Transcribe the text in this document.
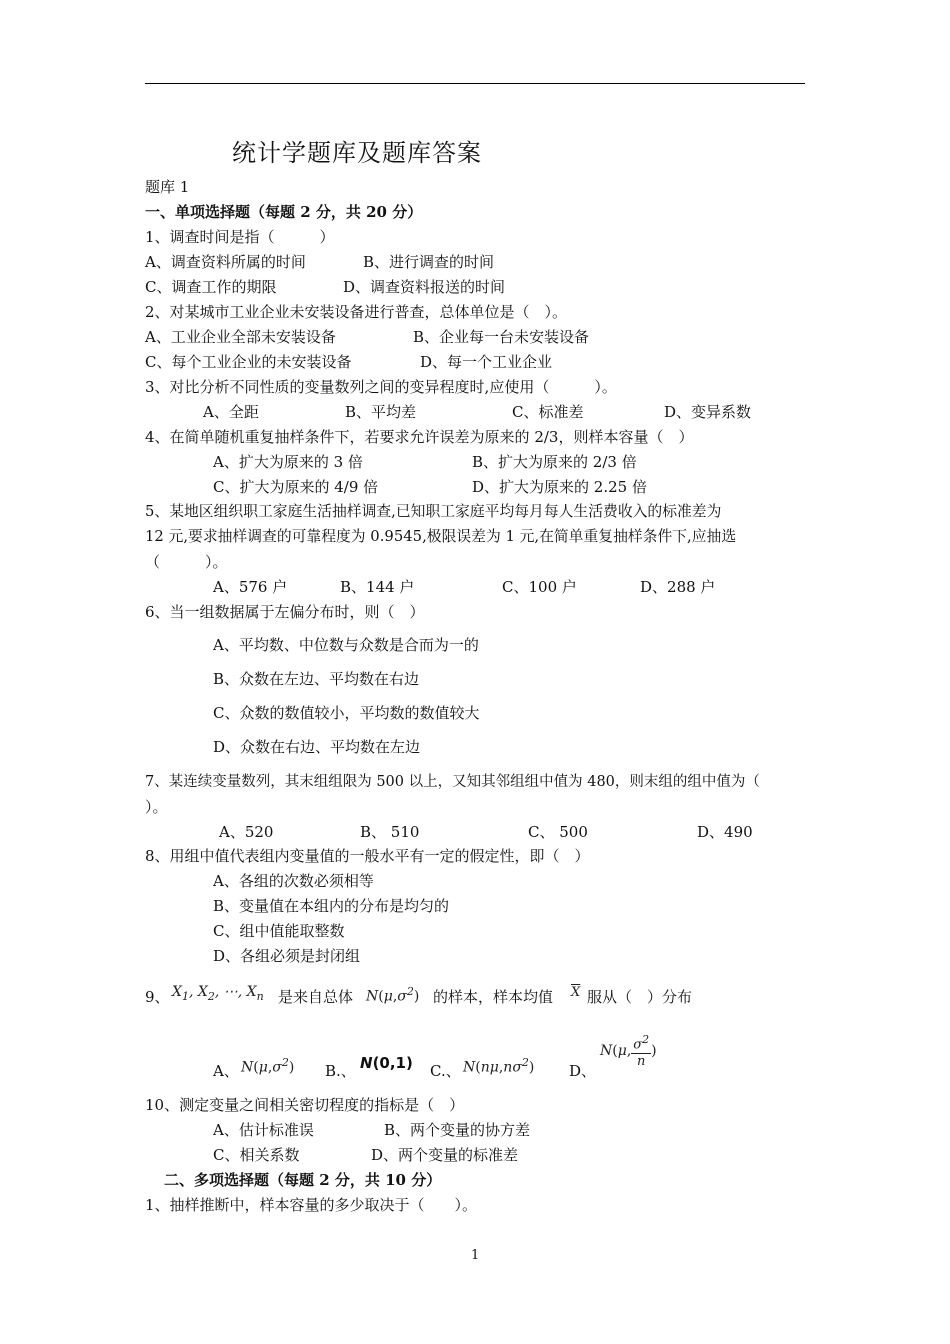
统计学题库及题库答案
题库 1
一、单项选择题（每题 2 分，共 20 分）
1、调查时间是指（　　　）
A、调查资料所属的时间	B、进行调查的时间
C、调查工作的期限	D、调查资料报送的时间
2、对某城市工业企业未安装设备进行普查，总体单位是（　）。
A、工业企业全部未安装设备	B、企业每一台未安装设备
C、每个工业企业的未安装设备	D、每一个工业企业
3、对比分析不同性质的变量数列之间的变异程度时,应使用（　　　）。
A、全距	B、平均差	C、标准差	D、变异系数
4、在简单随机重复抽样条件下，若要求允许误差为原来的 2/3，则样本容量（　）
A、扩大为原来的 3 倍	B、扩大为原来的 2/3 倍
C、扩大为原来的 4/9 倍	D、扩大为原来的 2.25 倍
5、某地区组织职工家庭生活抽样调查,已知职工家庭平均每月每人生活费收入的标准差为
12 元,要求抽样调查的可靠程度为 0.9545,极限误差为 1 元,在简单重复抽样条件下,应抽选
（　　　）。
A、576 户	B、144 户	C、100 户	D、288 户
6、当一组数据属于左偏分布时，则（　）
A、平均数、中位数与众数是合而为一的
B、众数在左边、平均数在右边
C、众数的数值较小，平均数的数值较大
D、众数在右边、平均数在左边
7、某连续变量数列，其末组组限为 500 以上，又知其邻组组中值为 480，则末组的组中值为（
）。
A、520	B、 510	C、 500	D、490
8、用组中值代表组内变量值的一般水平有一定的假定性，即（　）
A、各组的次数必须相等
B、变量值在本组内的分布是均匀的
C、组中值能取整数
D、各组必须是封闭组
9、 $X_1$, $X_2$, ⋯, $X_n$ 是来自总体 $N(\mu,\sigma^2)$ 的样本，样本均值 $\overline{X}$ 服从（　）分布
A、 $N(\mu,\sigma^2)$ B.、 N(0,1) C.、 $N(n\mu,n\sigma^2)$ D、
N(μ, $\frac{\sigma^2}{n}$ )
10、测定变量之间相关密切程度的指标是（　）
A、估计标准误	B、两个变量的协方差
C、相关系数	D、两个变量的标准差
二、多项选择题（每题 2 分，共 10 分）
1、抽样推断中，样本容量的多少取决于（　　）。
1
